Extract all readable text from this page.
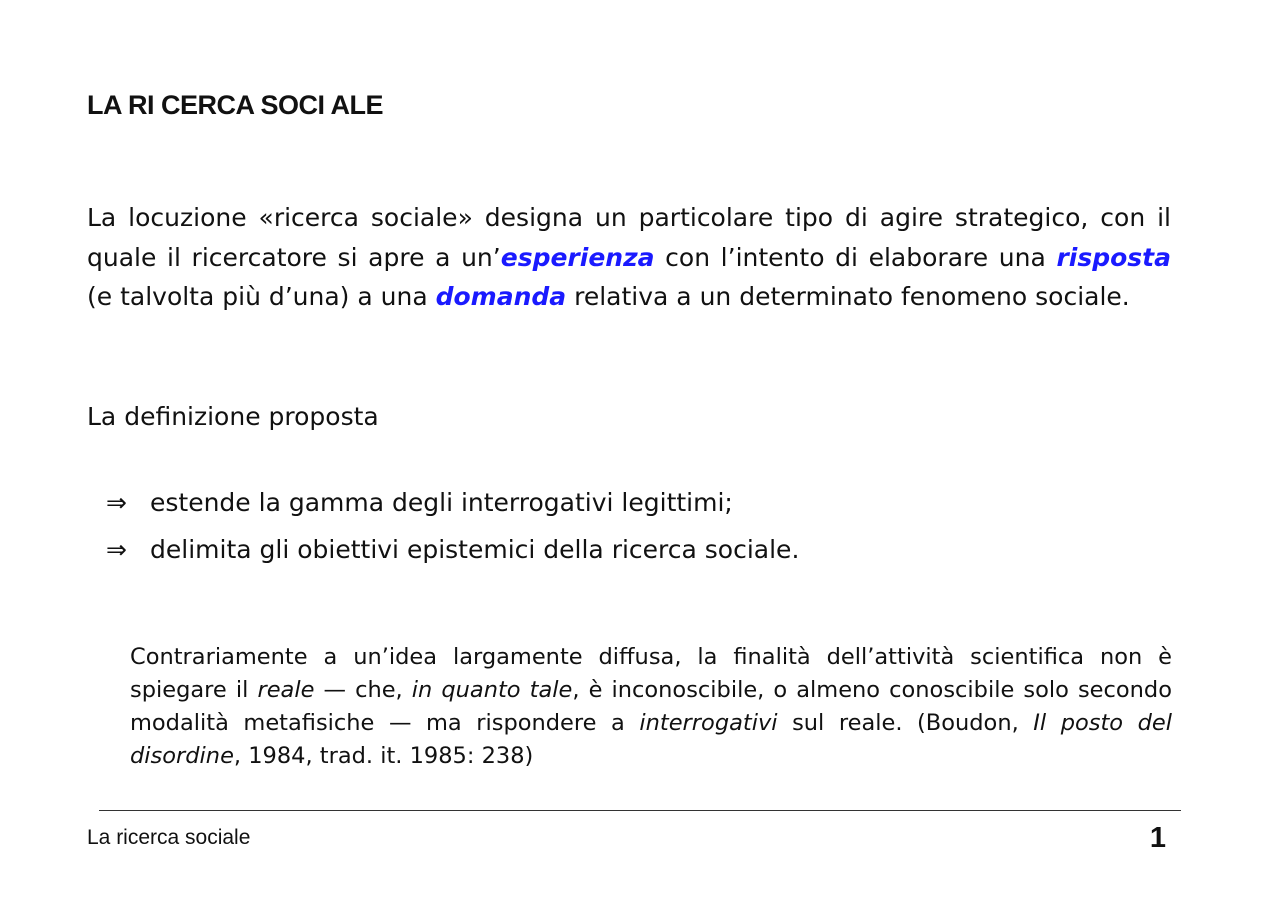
LA RI CERCA SOCI ALE

La locuzione «ricerca sociale» designa un particolare tipo di agire strategico, con il quale il ricercatore si apre a un’esperienza con l’intento di elaborare una risposta (e talvolta più d’una) a una domanda relativa a un determinato fenomeno sociale.

La definizione proposta

⇒ estende la gamma degli interrogativi legittimi;
⇒ delimita gli obiettivi epistemici della ricerca sociale.

Contrariamente a un’idea largamente diffusa, la finalità dell’attività scientifica non è spiegare il reale — che, in quanto tale, è inconoscibile, o almeno conoscibile solo secondo modalità metafisiche — ma rispondere a interrogativi sul reale. (Boudon, Il posto del disordine, 1984, trad. it. 1985: 238)

La ricerca sociale	1
